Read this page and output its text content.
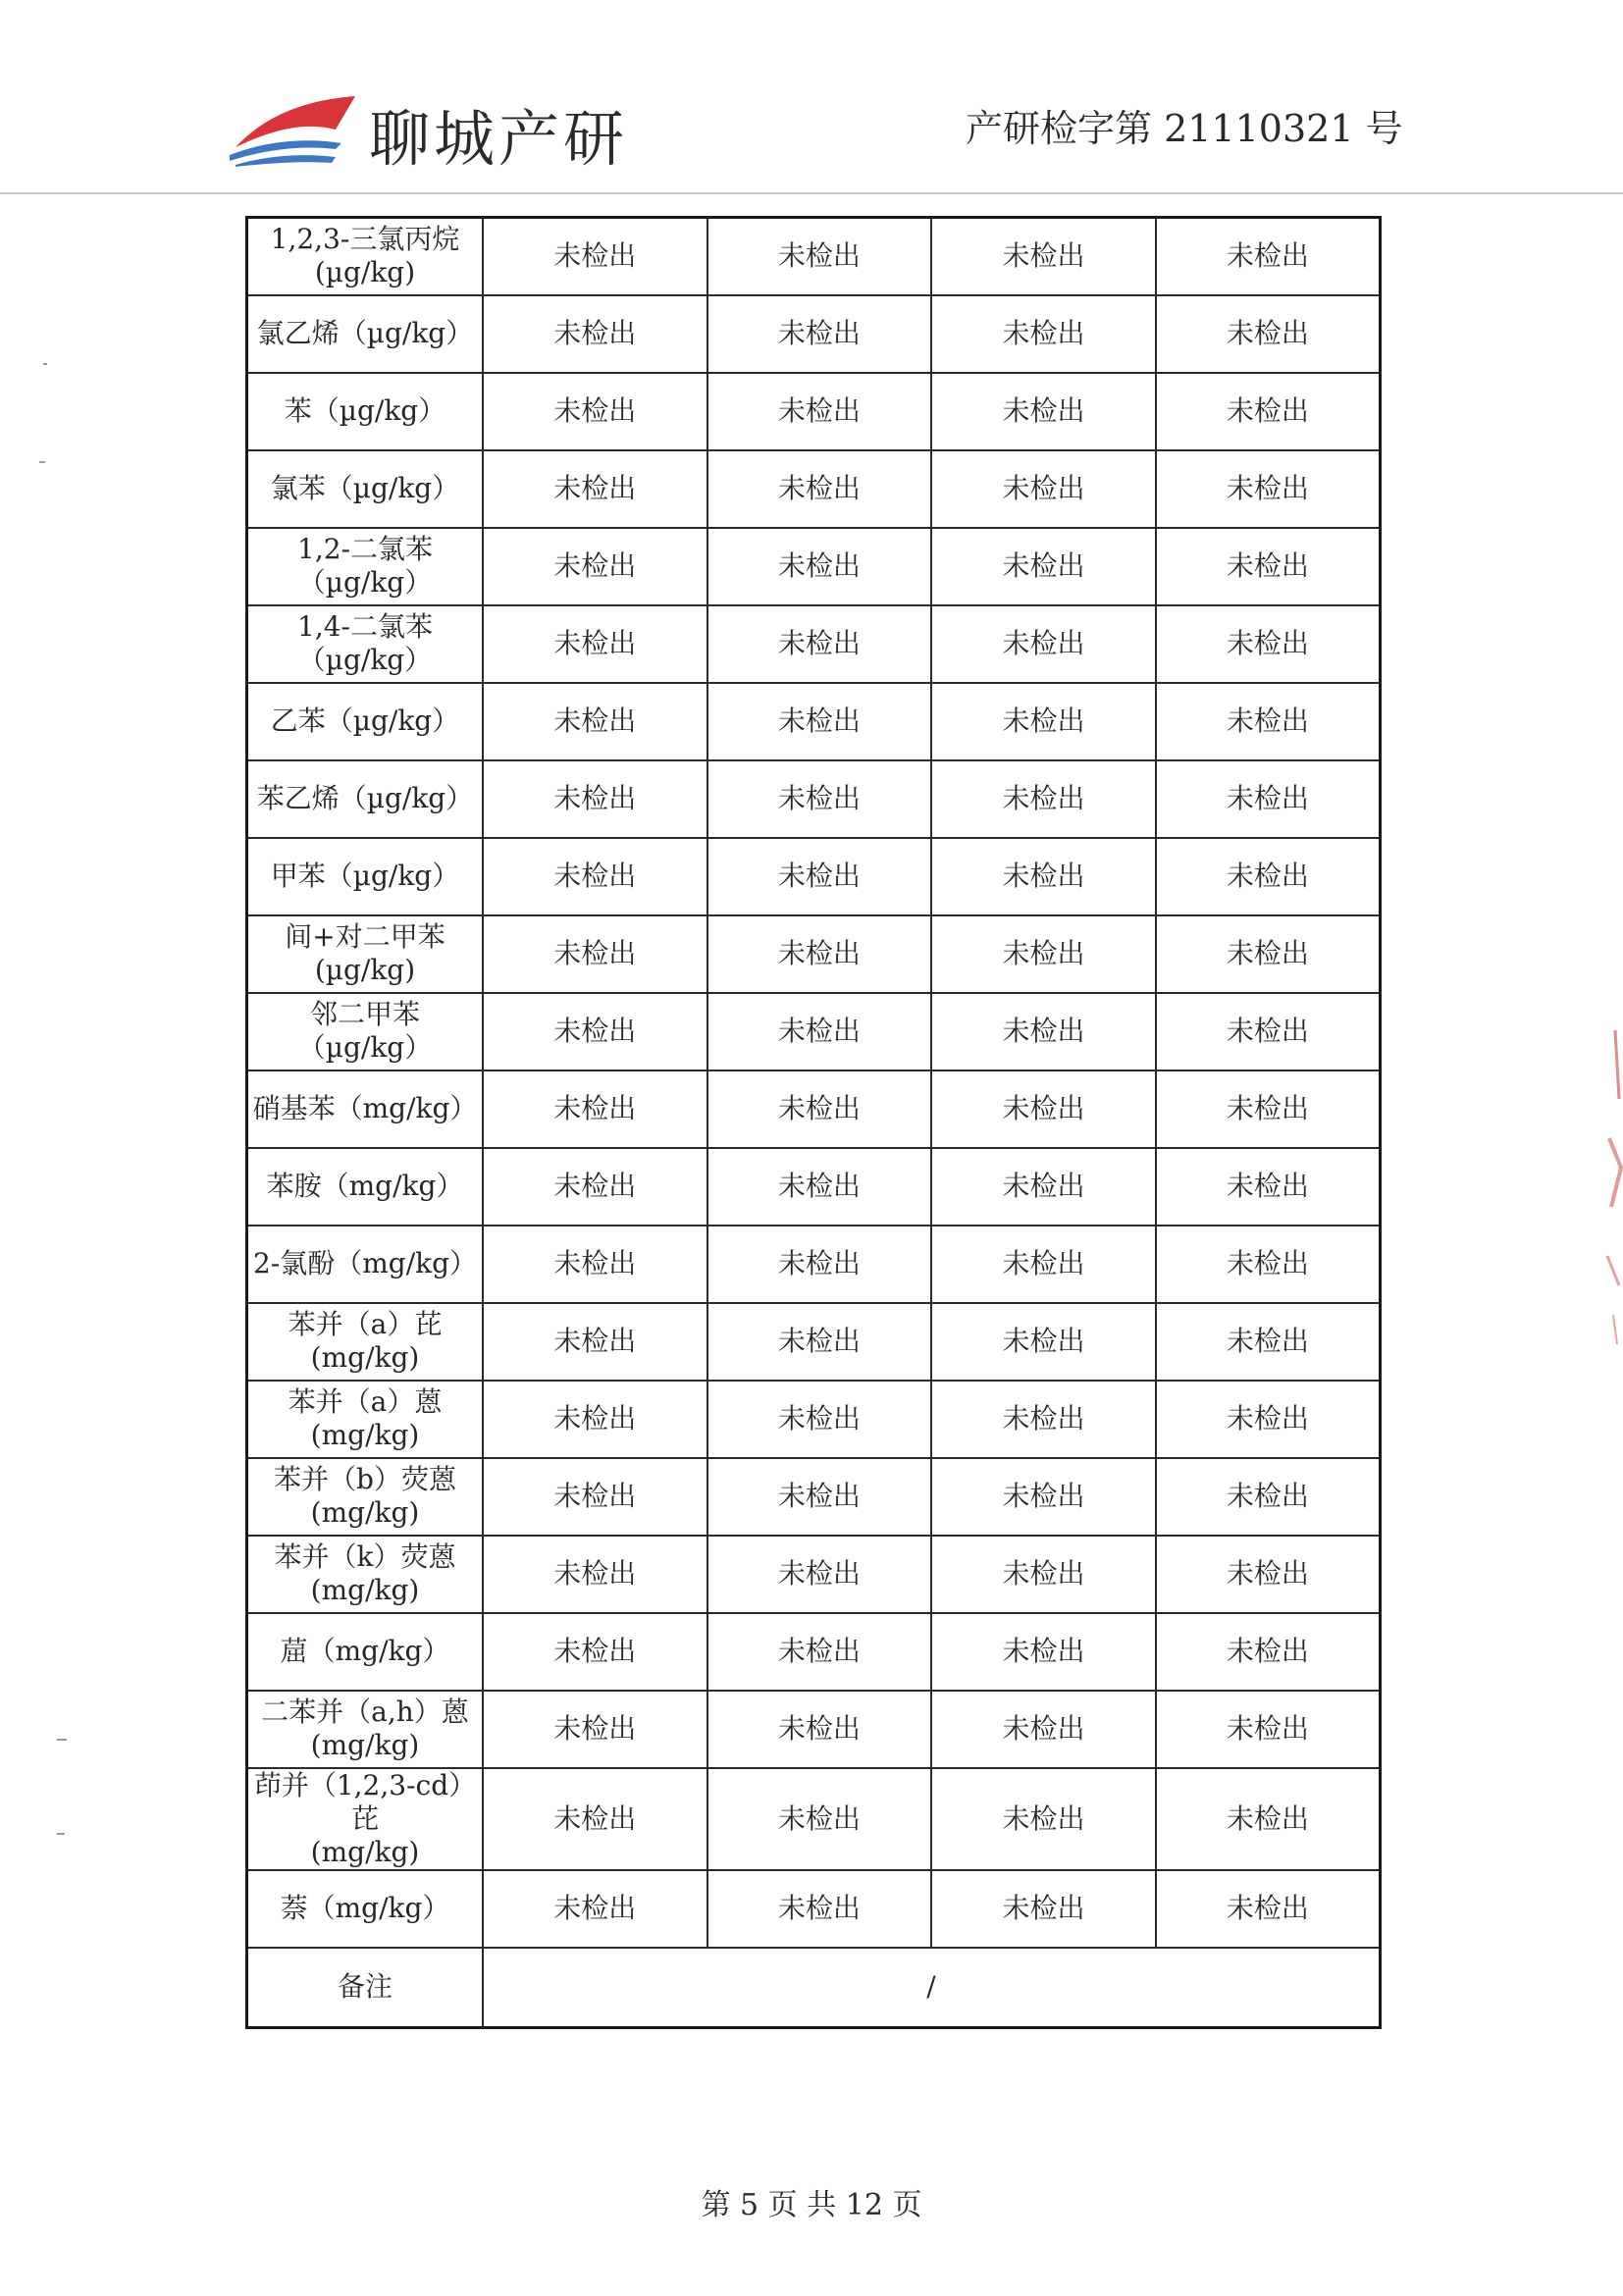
聊城产研	产研检字第 21110321 号
1,2,3-三氯丙烷
(µg/kg)	未检出	未检出	未检出	未检出

氯乙烯（µg/kg）	未检出	未检出	未检出	未检出

苯（µg/kg）	未检出	未检出	未检出	未检出

氯苯（µg/kg）	未检出	未检出	未检出	未检出

1,2-二氯苯（µg/kg）	未检出	未检出	未检出	未检出

1,4-二氯苯（µg/kg）	未检出	未检出	未检出	未检出

乙苯（µg/kg）	未检出	未检出	未检出	未检出

苯乙烯（µg/kg）	未检出	未检出	未检出	未检出

甲苯（µg/kg）	未检出	未检出	未检出	未检出

间+对二甲苯
(µg/kg)	未检出	未检出	未检出	未检出

邻二甲苯（µg/kg）	未检出	未检出	未检出	未检出

硝基苯（mg/kg）	未检出	未检出	未检出	未检出

苯胺（mg/kg）	未检出	未检出	未检出	未检出

2-氯酚（mg/kg）	未检出	未检出	未检出	未检出

苯并（a）芘
(mg/kg)	未检出	未检出	未检出	未检出

苯并（a）蒽
(mg/kg)	未检出	未检出	未检出	未检出

苯并（b）荧蒽
(mg/kg)	未检出	未检出	未检出	未检出

苯并（k）荧蒽
(mg/kg)	未检出	未检出	未检出	未检出

䓛（mg/kg）	未检出	未检出	未检出	未检出

二苯并（a,h）蒽
(mg/kg)	未检出	未检出	未检出	未检出

茚并（1,2,3-cd）芘
(mg/kg)	未检出	未检出	未检出	未检出

萘（mg/kg）	未检出	未检出	未检出	未检出
备注	/			
第 5 页 共 12 页
